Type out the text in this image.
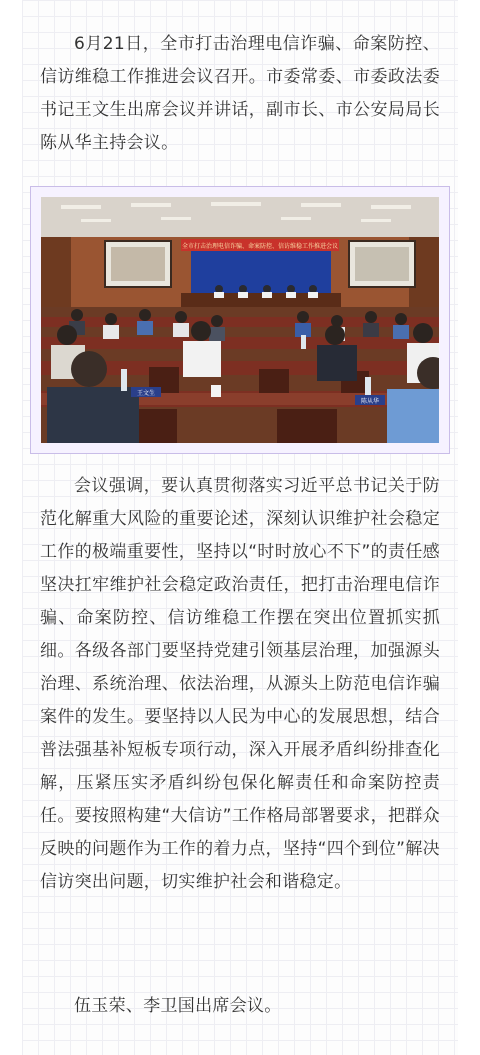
6月21日，全市打击治理电信诈骗、命案防控、信访维稳工作推进会议召开。市委常委、市委政法委书记王文生出席会议并讲话，副市长、市公安局局长陈从华主持会议。

全市打击治理电信诈骗、命案防控、信访维稳工作推进会议
王文生
陈从华

会议强调，要认真贯彻落实习近平总书记关于防范化解重大风险的重要论述，深刻认识维护社会稳定工作的极端重要性，坚持以“时时放心不下”的责任感坚决扛牢维护社会稳定政治责任，把打击治理电信诈骗、命案防控、信访维稳工作摆在突出位置抓实抓细。各级各部门要坚持党建引领基层治理，加强源头治理、系统治理、依法治理，从源头上防范电信诈骗案件的发生。要坚持以人民为中心的发展思想，结合普法强基补短板专项行动，深入开展矛盾纠纷排查化解，压紧压实矛盾纠纷包保化解责任和命案防控责任。要按照构建“大信访”工作格局部署要求，把群众反映的问题作为工作的着力点，坚持“四个到位”解决信访突出问题，切实维护社会和谐稳定。

伍玉荣、李卫国出席会议。
